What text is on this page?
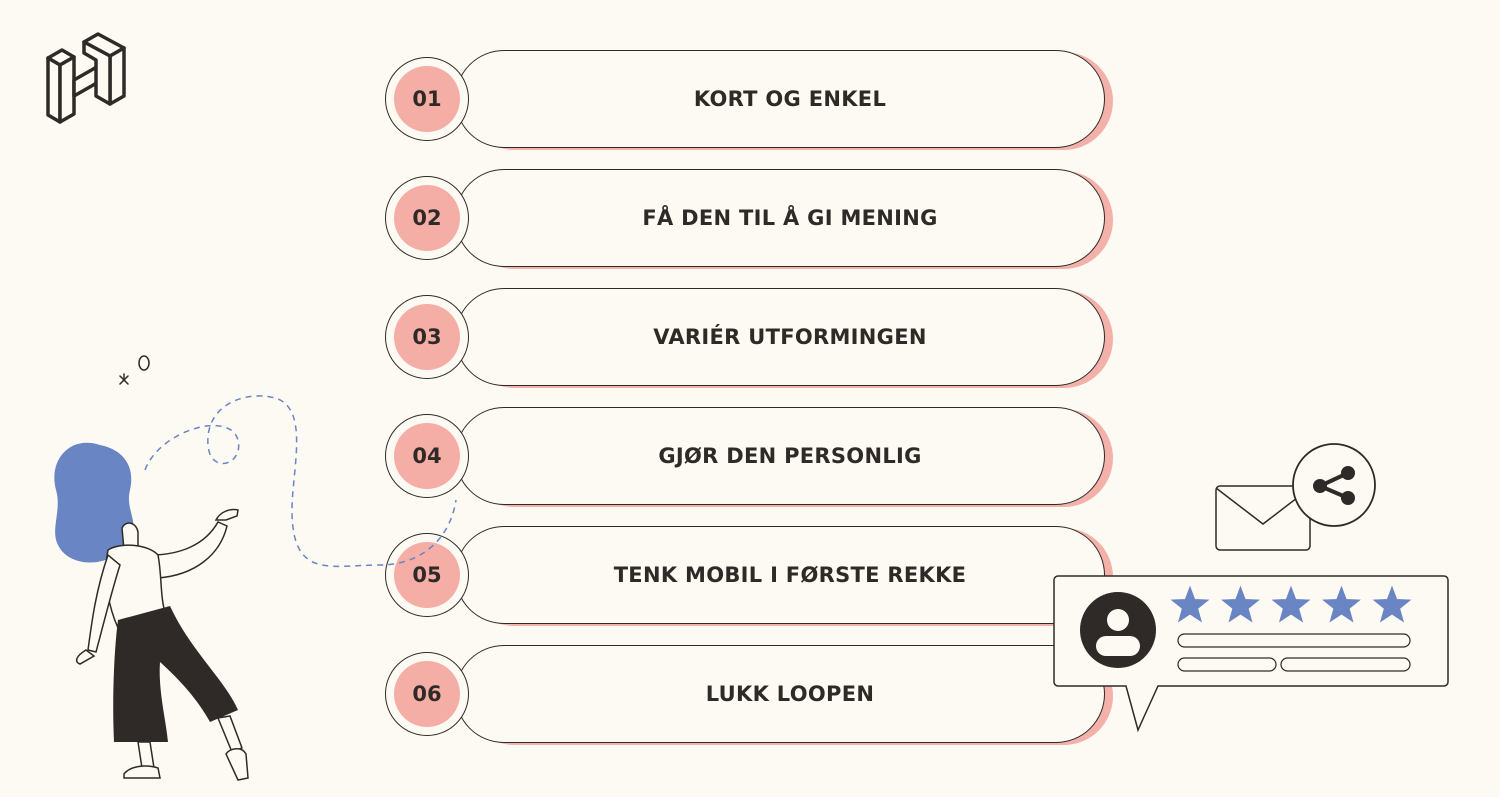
KORT OG ENKEL
01
FÅ DEN TIL Å GI MENING
02
VARIÉR UTFORMINGEN
03
GJØR DEN PERSONLIG
04
TENK MOBIL I FØRSTE REKKE
05
LUKK LOOPEN
06
